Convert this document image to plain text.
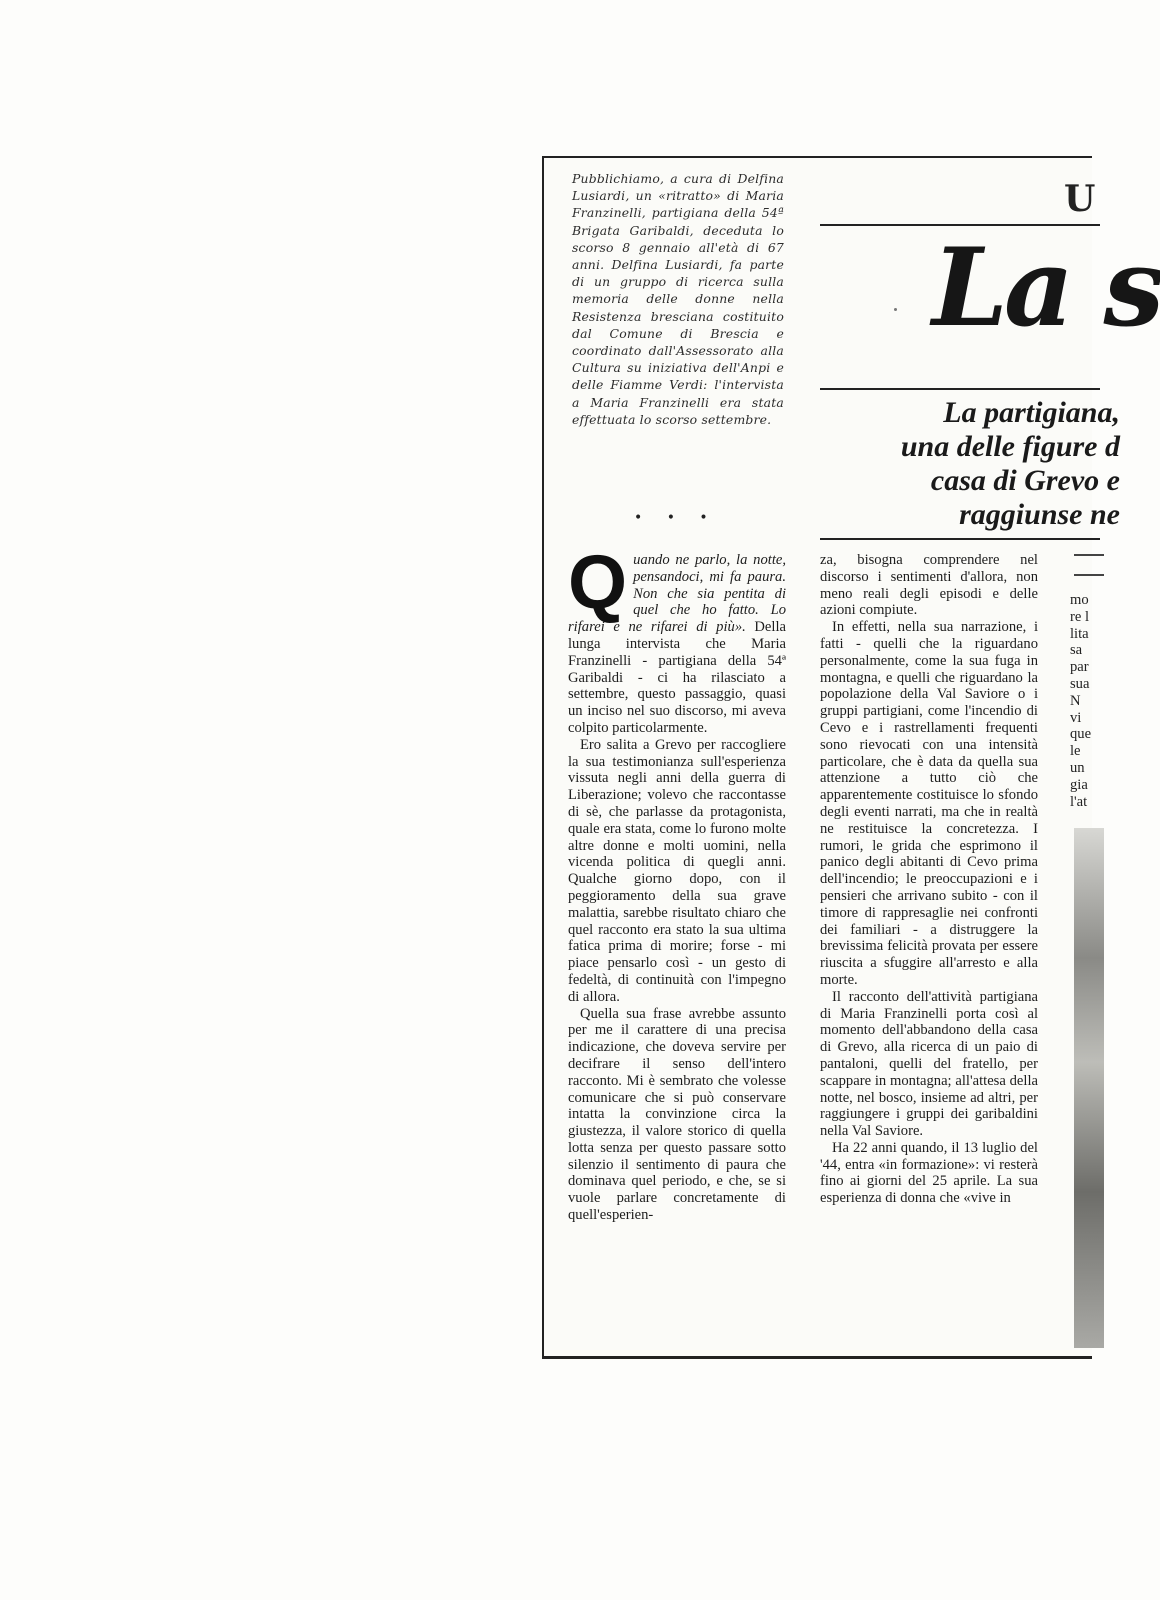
Pubblichiamo, a cura di Delfina Lusiardi, un «ritratto» di Maria Franzinelli, partigiana della 54ª Brigata Garibaldi, deceduta lo scorso 8 gennaio all'età di 67 anni. Delfina Lusiardi, fa parte di un gruppo di ricerca sulla memoria delle donne nella Resistenza bresciana costituito dal Comune di Brescia e coordinato dall'Assessorato alla Cultura su iniziativa dell'Anpi e delle Fiamme Verdi: l'intervista a Maria Franzinelli era stata effettuata lo scorso settembre.
• • •
U
La s
La partigiana,
una delle figure d
casa di Grevo e
raggiunse ne

Quando ne parlo, la notte, pensandoci, mi fa paura. Non che sia pentita di quel che ho fatto. Lo rifarei e ne rifarei di più». Della lunga intervista che Maria Franzinelli - partigiana della 54ª Garibaldi - ci ha rilasciato a settembre, questo passaggio, quasi un inciso nel suo discorso, mi aveva colpito particolarmente.

Ero salita a Grevo per raccogliere la sua testimonianza sull'esperienza vissuta negli anni della guerra di Liberazione; volevo che raccontasse di sè, che parlasse da protagonista, quale era stata, come lo furono molte altre donne e molti uomini, nella vicenda politica di quegli anni. Qualche giorno dopo, con il peggioramento della sua grave malattia, sarebbe risultato chiaro che quel racconto era stato la sua ultima fatica prima di morire; forse - mi piace pensarlo così - un gesto di fedeltà, di continuità con l'impegno di allora.

Quella sua frase avrebbe assunto per me il carattere di una precisa indicazione, che doveva servire per decifrare il senso dell'intero racconto. Mi è sembrato che volesse comunicare che si può conservare intatta la convinzione circa la giustezza, il valore storico di quella lotta senza per questo passare sotto silenzio il sentimento di paura che dominava quel periodo, e che, se si vuole parlare concretamente di quell'esperien-

za, bisogna comprendere nel discorso i sentimenti d'allora, non meno reali degli episodi e delle azioni compiute.

In effetti, nella sua narrazione, i fatti - quelli che la riguardano personalmente, come la sua fuga in montagna, e quelli che riguardano la popolazione della Val Saviore o i gruppi partigiani, come l'incendio di Cevo e i rastrellamenti frequenti sono rievocati con una intensità particolare, che è data da quella sua attenzione a tutto ciò che apparentemente costituisce lo sfondo degli eventi narrati, ma che in realtà ne restituisce la concretezza. I rumori, le grida che esprimono il panico degli abitanti di Cevo prima dell'incendio; le preoccupazioni e i pensieri che arrivano subito - con il timore di rappresaglie nei confronti dei familiari - a distruggere la brevissima felicità provata per essere riuscita a sfuggire all'arresto e alla morte.

Il racconto dell'attività partigiana di Maria Franzinelli porta così al momento dell'abbandono della casa di Grevo, alla ricerca di un paio di pantaloni, quelli del fratello, per scappare in montagna; all'attesa della notte, nel bosco, insieme ad altri, per raggiungere i gruppi dei garibaldini nella Val Saviore.

Ha 22 anni quando, il 13 luglio del '44, entra «in formazione»: vi resterà fino ai giorni del 25 aprile. La sua esperienza di donna che «vive in

mo
re l
lita
sa
par
sua
N
vi
que
le
un
gia
l'at
